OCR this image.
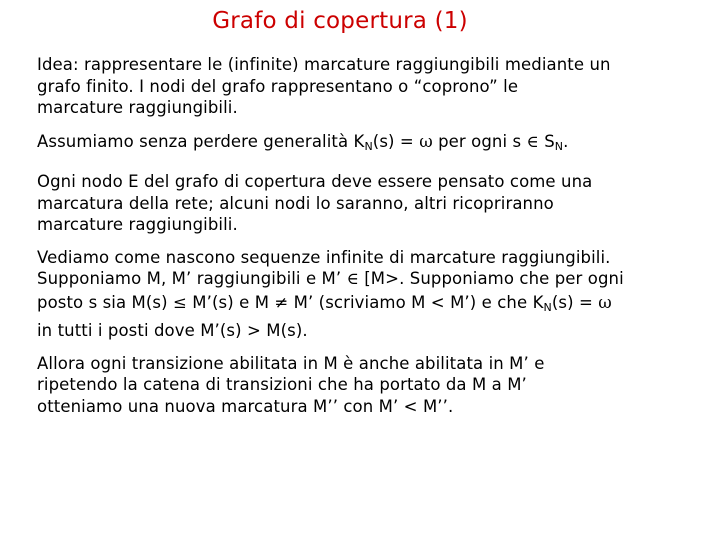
Grafo di copertura (1)

Idea: rappresentare le (infinite) marcature raggiungibili mediante un
grafo finito. I nodi del grafo rappresentano o “coprono” le
marcature raggiungibili.

Assumiamo senza perdere generalità $K_N(s) = \omega$ per ogni s ∈ $S_N$.

Ogni nodo E del grafo di copertura deve essere pensato come una
marcatura della rete; alcuni nodi lo saranno, altri ricopriranno
marcature raggiungibili.

Vediamo come nascono sequenze infinite di marcature raggiungibili.
Supponiamo M, M’ raggiungibili e M’ ∈ [M>. Supponiamo che per ogni
posto s sia M(s) ≤ M’(s) e M ≠ M’ (scriviamo M < M’) e che $K_N(s) = \omega$
in tutti i posti dove M’(s) > M(s).

Allora ogni transizione abilitata in M è anche abilitata in M’ e
ripetendo la catena di transizioni che ha portato da M a M’
otteniamo una nuova marcatura M’’ con M’ < M’’.
